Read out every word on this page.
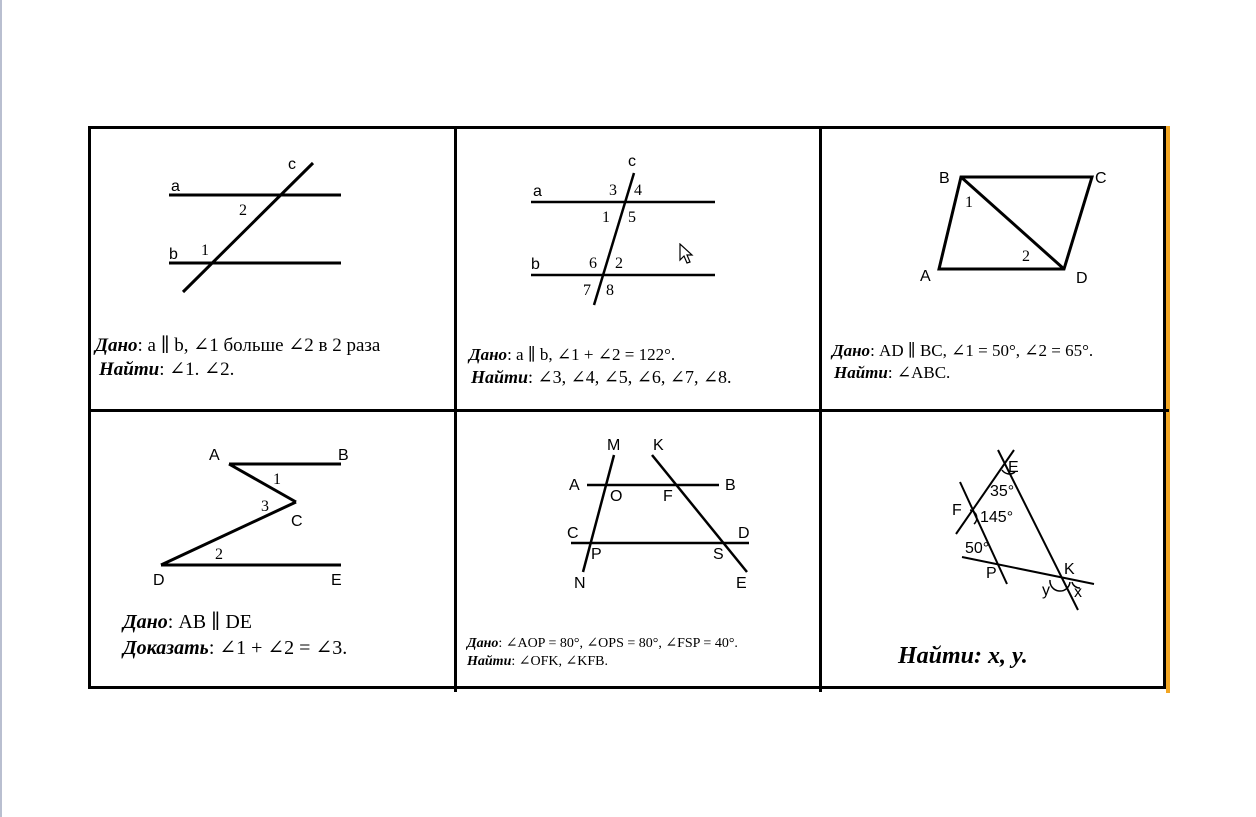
a
b
c
2
1
Дано: a ∥ b, ∠1 больше ∠2 в 2 раза
Найти: ∠1. ∠2.
a
b
c
3 4
1 5
6 2
7 8
Дано: a ∥ b, ∠1 + ∠2 = 122°.
Найти: ∠3, ∠4, ∠5, ∠6, ∠7, ∠8.
B	C
A	D
1
2
Дано: AD ∥ BC, ∠1 = 50°, ∠2 = 65°.
Найти: ∠ABC.
A	B
C
D	E
1
3
2
Дано: AB ∥ DE
Доказать: ∠1 + ∠2 = ∠3.
M K
A
O	F
B
C	D
P	S
N	E
Дано: ∠AOP = 80°, ∠OPS = 80°, ∠FSP = 40°.
Найти: ∠OFK, ∠KFB.
E
F
P	K
35°
145°
50°
y x
Найти: x, y.
